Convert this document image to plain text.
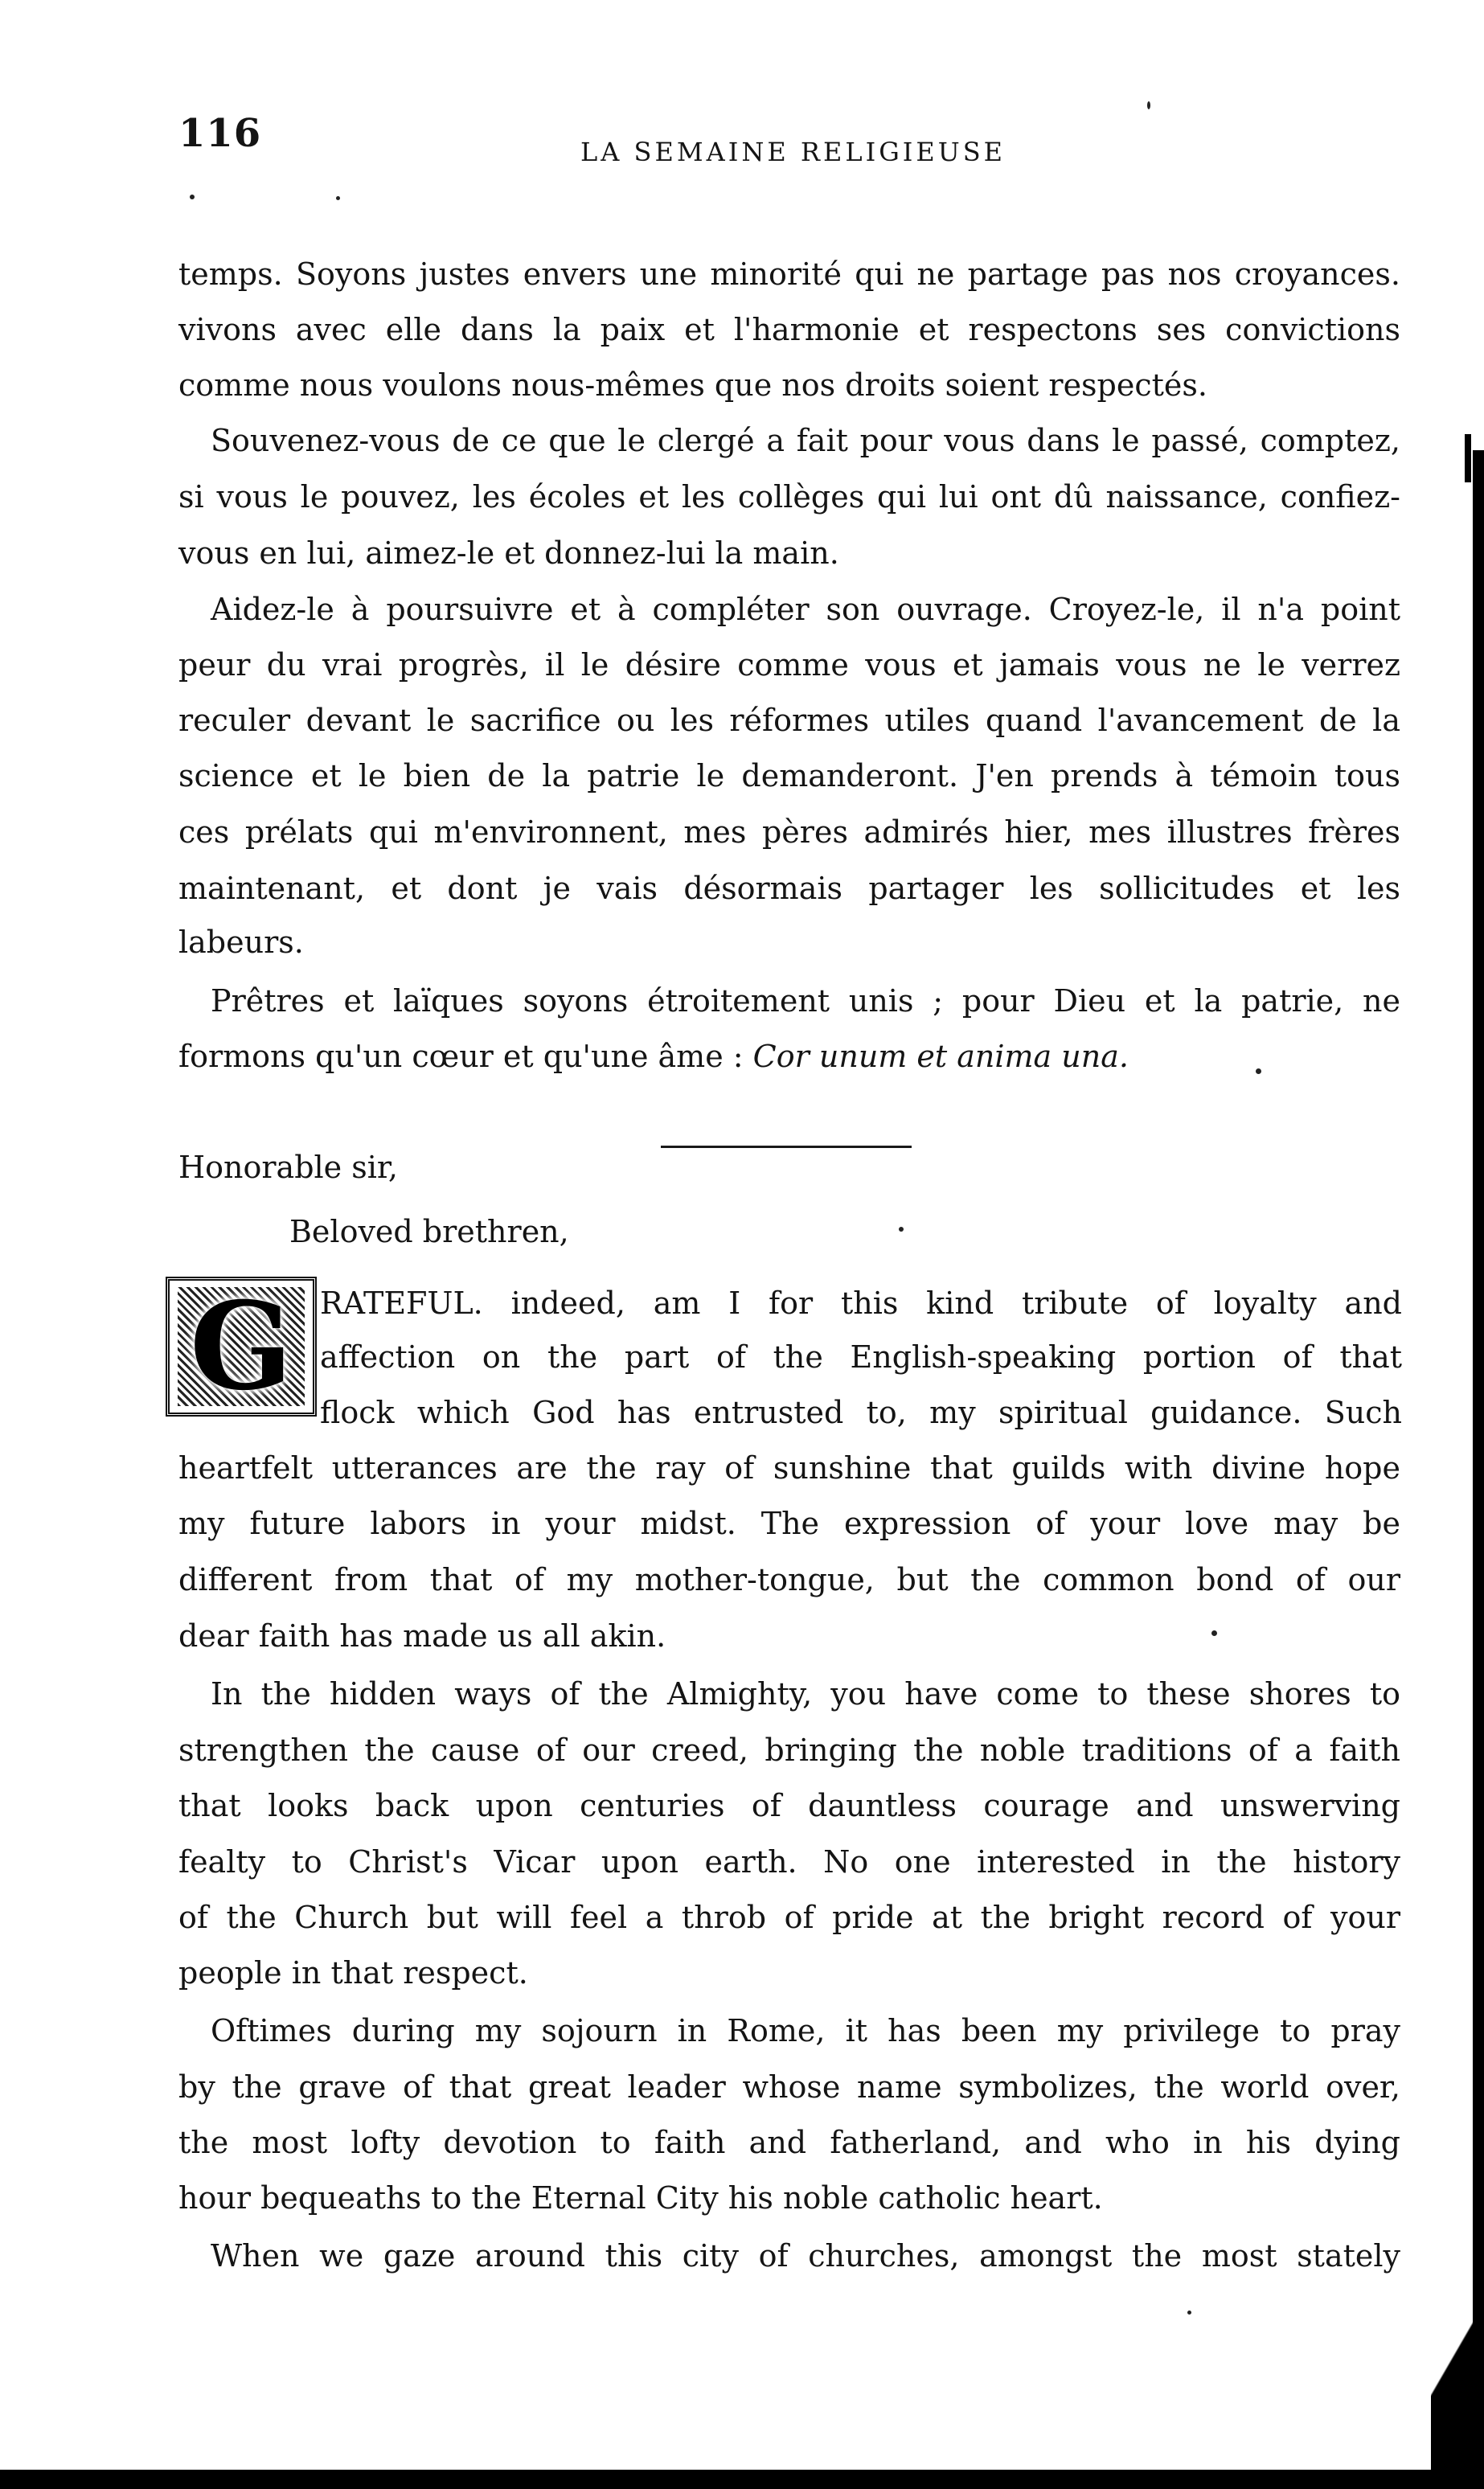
116	LA SEMAINE RELIGIEUSE
temps. Soyons justes envers une minorité qui ne partage pas nos croyances.
vivons avec elle dans la paix et l'harmonie et respectons ses convictions
comme nous voulons nous-mêmes que nos droits soient respectés.
Souvenez-vous de ce que le clergé a fait pour vous dans le passé, comptez,
si vous le pouvez, les écoles et les collèges qui lui ont dû naissance, confiez-
vous en lui, aimez-le et donnez-lui la main.
Aidez-le à poursuivre et à compléter son ouvrage. Croyez-le, il n'a point
peur du vrai progrès, il le désire comme vous et jamais vous ne le verrez
reculer devant le sacrifice ou les réformes utiles quand l'avancement de la
science et le bien de la patrie le demanderont. J'en prends à témoin tous
ces prélats qui m'environnent, mes pères admirés hier, mes illustres frères
maintenant, et dont je vais désormais partager les sollicitudes et les
labeurs.
Prêtres et laïques soyons étroitement unis ; pour Dieu et la patrie, ne
formons qu'un cœur et qu'une âme : Cor unum et anima una.
Honorable sir,
Beloved brethren,
G RATEFUL. indeed, am I for this kind tribute of loyalty and
affection on the part of the English-speaking portion of that
flock which God has entrusted to, my spiritual guidance. Such
heartfelt utterances are the ray of sunshine that guilds with divine hope
my future labors in your midst. The expression of your love may be
different from that of my mother-tongue, but the common bond of our
dear faith has made us all akin.
In the hidden ways of the Almighty, you have come to these shores to
strengthen the cause of our creed, bringing the noble traditions of a faith
that looks back upon centuries of dauntless courage and unswerving
fealty to Christ's Vicar upon earth. No one interested in the history
of the Church but will feel a throb of pride at the bright record of your
people in that respect.
Oftimes during my sojourn in Rome, it has been my privilege to pray
by the grave of that great leader whose name symbolizes, the world over,
the most lofty devotion to faith and fatherland, and who in his dying
hour bequeaths to the Eternal City his noble catholic heart.
When we gaze around this city of churches, amongst the most stately
